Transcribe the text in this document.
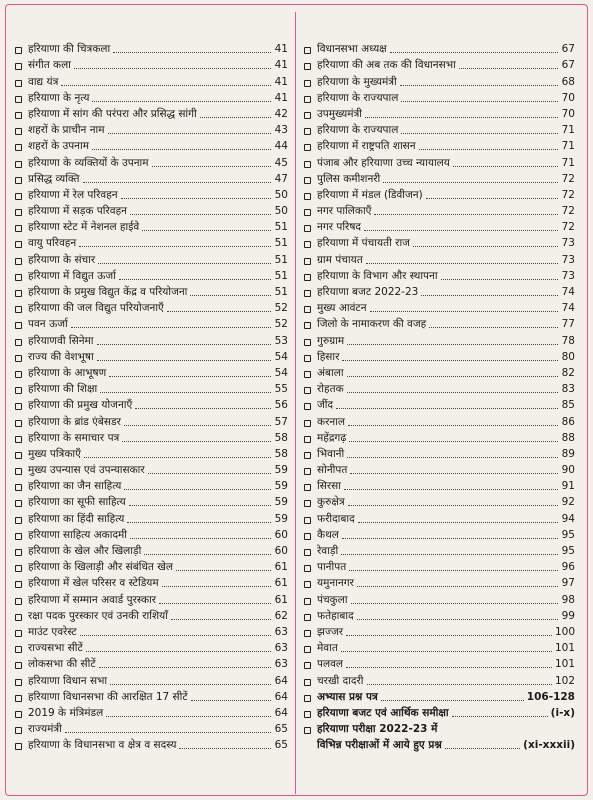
हरियाणा की चित्रकला	41
संगीत कला	41
वाद्य यंत्र	41
हरियाणा के नृत्य	41
हरियाणा में सांग की परंपरा और प्रसिद्ध सांगी	42
शहरों के प्राचीन नाम	43
शहरों के उपनाम	44
हरियाणा के व्यक्तियों के उपनाम	45
प्रसिद्ध व्यक्ति	47
हरियाणा में रेल परिवहन	50
हरियाणा में सड़क परिवहन	50
हरियाणा स्टेट में नेशनल हाईवे	51
वायु परिवहन	51
हरियाणा के संचार	51
हरियाणा में विद्युत ऊर्जा	51
हरियाणा के प्रमुख विद्युत केंद्र व परियोजना	51
हरियाणा की जल विद्युत परियोजनाएँ	52
पवन ऊर्जा	52
हरियाणवी सिनेमा	53
राज्य की वेशभूषा	54
हरियाणा के आभूषण	54
हरियाणा की शिक्षा	55
हरियाणा की प्रमुख योजनाएँ	56
हरियाणा के ब्रांड एंबेसडर	57
हरियाणा के समाचार पत्र	58
मुख्य पत्रिकाएँ	58
मुख्य उपन्यास एवं उपन्यासकार	59
हरियाणा का जैन साहित्य	59
हरियाणा का सूफी साहित्य	59
हरियाणा का हिंदी साहित्य	59
हरियाणा साहित्य अकादमी	60
हरियाणा के खेल और खिलाड़ी	60
हरियाणा के खिलाड़ी और संबंधित खेल	61
हरियाणा में खेल परिसर व स्टेडियम	61
हरियाणा में सम्मान अवार्ड पुरस्कार	61
रक्षा पदक पुरस्कार एवं उनकी राशियाँ	62
माउंट एवरेस्ट	63
राज्यसभा सीटें	63
लोकसभा की सीटें	63
हरियाणा विधान सभा	64
हरियाणा विधानसभा की आरक्षित 17 सीटें	64
2019 के मंत्रिमंडल	64
राज्यमंत्री	65
हरियाणा के विधानसभा व क्षेत्र व सदस्य	65
विधानसभा अध्यक्ष	67
हरियाणा की अब तक की विधानसभा	67
हरियाणा के मुख्यमंत्री	68
हरियाणा के राज्यपाल	70
उपमुख्यमंत्री	70
हरियाणा के राज्यपाल	71
हरियाणा में राष्ट्रपति शासन	71
पंजाब और हरियाणा उच्च न्यायालय	71
पुलिस कमीशनरी	72
हरियाणा में मंडल (डिवीजन)	72
नगर पालिकाएँ	72
नगर परिषद	72
हरियाणा में पंचायती राज	73
ग्राम पंचायत	73
हरियाणा के विभाग और स्थापना	73
हरियाणा बजट 2022-23	74
मुख्य आवंटन	74
जिलो के नामाकरण की वजह	77
गुरुग्राम	78
हिसार	80
अंबाला	82
रोहतक	83
जींद	85
करनाल	86
महेंद्रगढ़	88
भिवानी	89
सोनीपत	90
सिरसा	91
कुरुक्षेत्र	92
फरीदाबाद	94
कैथल	95
रेवाड़ी	95
पानीपत	96
यमुनानगर	97
पंचकुला	98
फतेहाबाद	99
झज्जर	100
मेवात	101
पलवल	101
चरखी दादरी	102
अभ्यास प्रश्न पत्र	106-128
हरियाणा बजट एवं आर्थिक समीक्षा	(i-x)
हरियाणा परीक्षा 2022-23 में
विभिन्न परीक्षाओं में आये हुए प्रश्न	(xi-xxxii)
